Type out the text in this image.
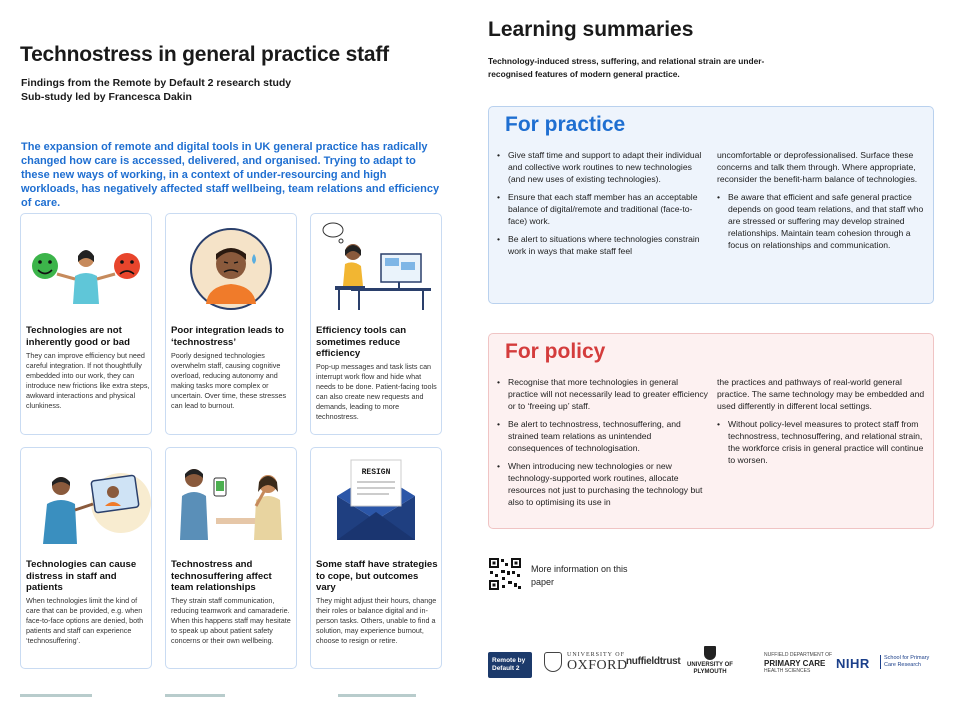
Technostress in general practice staff
Findings from the Remote by Default 2 research study
Sub-study led by Francesca Dakin
The expansion of remote and digital tools in UK general practice has radically changed how care is accessed, delivered, and organised. Trying to adapt to these new ways of working, in a context of under-resourcing and high workloads, has negatively affected staff wellbeing, team relations and efficiency of care.
Technologies are not inherently good or bad
They can improve efficiency but need careful integration. If not thoughtfully embedded into our work, they can introduce new frictions like extra steps, awkward interactions and physical clunkiness.
Poor integration leads to ‘technostress’
Poorly designed technologies overwhelm staff, causing cognitive overload, reducing autonomy and making tasks more complex or uncertain. Over time, these stresses can lead to burnout.
Efficiency tools can sometimes reduce efficiency
Pop-up messages and task lists can interrupt work flow and hide what needs to be done. Patient-facing tools can also create new requests and demands, leading to more technostress.
Technologies can cause distress in staff and patients
When technologies limit the kind of care that can be provided, e.g. when face-to-face options are denied, both patients and staff can experience ‘technosuffering’.
Technostress and technosuffering affect team relationships
They strain staff communication, reducing teamwork and camaraderie. When this happens staff may hesitate to speak up about patient safety concerns or their own wellbeing.
RESIGN
Some staff have strategies to cope, but outcomes vary
They might adjust their hours, change their roles or balance digital and in-person tasks. Others, unable to find a solution, may experience burnout, choose to resign or retire.
Learning summaries
Technology-induced stress, suffering, and relational strain are under-recognised features of modern general practice.
For practice
• Give staff time and support to adapt their individual and collective work routines to new technologies (and new uses of existing technologies).
• Ensure that each staff member has an acceptable balance of digital/remote and traditional (face-to-face) work.
• Be alert to situations where technologies constrain work in ways that make staff feel
uncomfortable or deprofessionalised. Surface these concerns and talk them through. Where appropriate, reconsider the benefit-harm balance of technologies.
• Be aware that efficient and safe general practice depends on good team relations, and that staff who are stressed or suffering may develop strained relationships. Maintain team cohesion through a focus on relationships and communication.
For policy
• Recognise that more technologies in general practice will not necessarily lead to greater efficiency or to ‘freeing up’ staff.
• Be alert to technostress, technosuffering, and strained team relations as unintended consequences of technologisation.
• When introducing new technologies or new technology-supported work routines, allocate resources not just to purchasing the technology but also to optimising its use in
the practices and pathways of real-world general practice. The same technology may be embedded and used differently in different local settings.
• Without policy-level measures to protect staff from technostress, technosuffering, and relational strain, the workforce crisis in general practice will continue to worsen.
More information on this paper
Remote by Default 2
UNIVERSITY OF
OXFORD
nuffieldtrust UNIVERSITY OF
PLYMOUTH
NUFFIELD DEPARTMENT OF
PRIMARY CARE
HEALTH SCIENCES	NIHR	School for Primary Care Research
